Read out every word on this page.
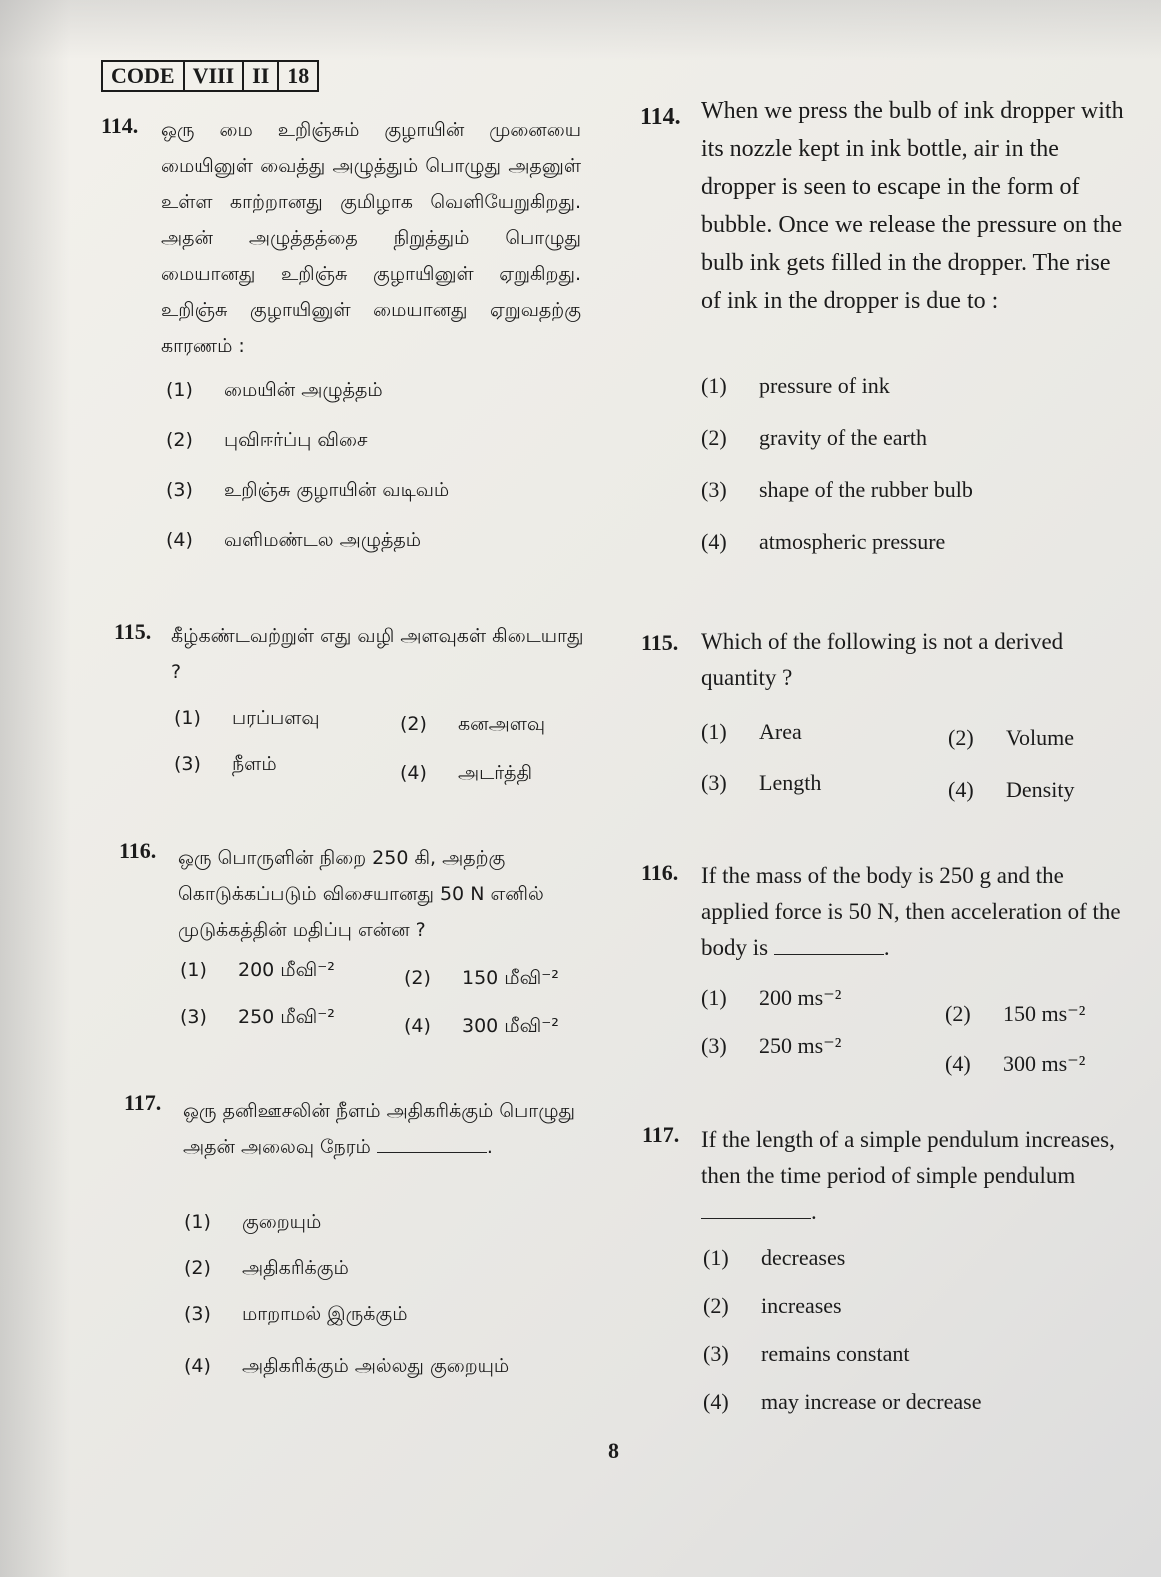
CODE VIII II 18
114. ஒரு மை உறிஞ்சும் குழாயின் முனையை மையினுள் வைத்து அழுத்தும் பொழுது அதனுள் உள்ள காற்றானது குமிழாக வெளியேறுகிறது. அதன் அழுத்தத்தை நிறுத்தும் பொழுது மையானது உறிஞ்சு குழாயினுள் ஏறுகிறது. உறிஞ்சு குழாயினுள் மையானது ஏறுவதற்கு காரணம் :
(1) மையின் அழுத்தம்
(2) புவிஈர்ப்பு விசை
(3) உறிஞ்சு குழாயின் வடிவம்
(4) வளிமண்டல அழுத்தம்
115. கீழ்கண்டவற்றுள் எது வழி அளவுகள் கிடையாது ?
(1) பரப்பளவு	(2) கனஅளவு
(3) நீளம்	(4) அடர்த்தி
116. ஒரு பொருளின் நிறை 250 கி, அதற்கு கொடுக்கப்படும் விசையானது 50 N எனில் முடுக்கத்தின் மதிப்பு என்ன ?
(1) 200 மீவி⁻²	(2) 150 மீவி⁻²
(3) 250 மீவி⁻²	(4) 300 மீவி⁻²
117. ஒரு தனிஊசலின் நீளம் அதிகரிக்கும் பொழுது அதன் அலைவு நேரம்	.
(1) குறையும்
(2) அதிகரிக்கும்
(3) மாறாமல் இருக்கும்
(4) அதிகரிக்கும் அல்லது குறையும்
114. When we press the bulb of ink dropper with its nozzle kept in ink bottle, air in the dropper is seen to escape in the form of bubble. Once we release the pressure on the bulb ink gets filled in the dropper. The rise of ink in the dropper is due to :
(1) pressure of ink
(2) gravity of the earth
(3) shape of the rubber bulb
(4) atmospheric pressure
115. Which of the following is not a derived quantity ?
(1) Area	(2) Volume
(3) Length	(4) Density
116. If the mass of the body is 250 g and the applied force is 50 N, then acceleration of the body is	.
(1) 200 ms⁻²
(2) 150 ms⁻²
(3) 250 ms⁻²
(4) 300 ms⁻²
117. If the length of a simple pendulum increases, then the time period of simple pendulum .
(1) decreases
(2) increases
(3) remains constant
(4) may increase or decrease
8
